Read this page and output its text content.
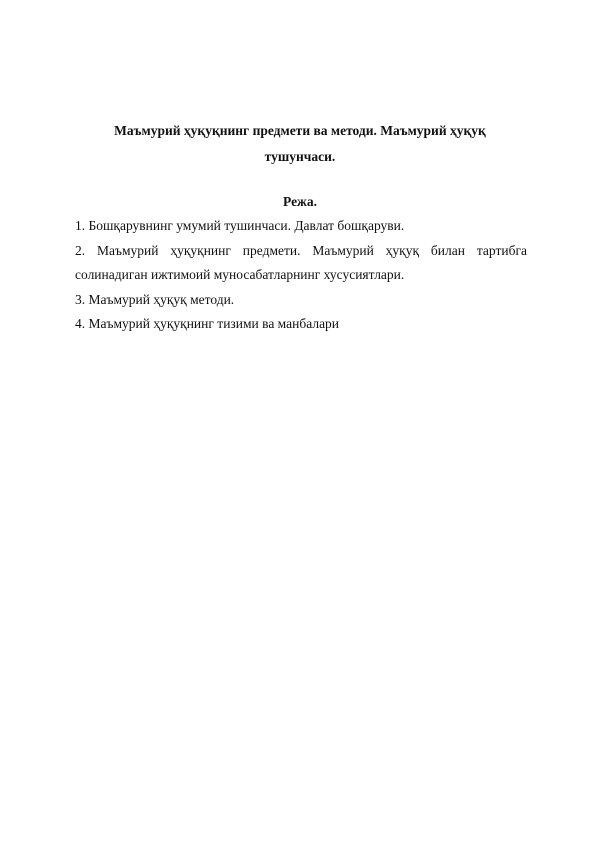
Маъмурий ҳуқуқнинг предмети ва методи. Маъмурий ҳуқуқ
тушунчаси.
Режа.
1. Бошқарувнинг умумий тушинчаси. Давлат бошқаруви.
2. Маъмурий ҳуқуқнинг предмети. Маъмурий ҳуқуқ билан тартибга солинадиган ижтимоий муносабатларнинг хусусиятлари.
3. Маъмурий ҳуқуқ методи.
4. Маъмурий ҳуқуқнинг тизими ва манбалари
